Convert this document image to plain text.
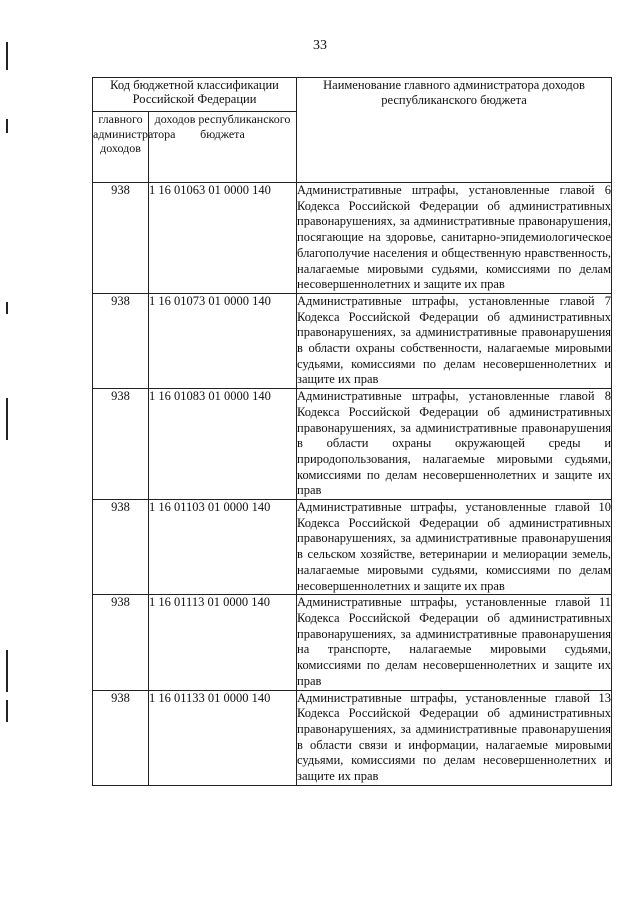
33
Код бюджетной классификации Российской Федерации		Наименование главного администратора доходов республиканского бюджета
главного администратора доходов	доходов республиканского бюджета	
938	1 16 01063 01 0000 140	Административные штрафы, установленные главой 6 Кодекса Российской Федерации об административных правонарушениях, за административные правонарушения, посягающие на здоровье, санитарно-эпидемиологическое благополучие населения и общественную нравственность, налагаемые мировыми судьями, комиссиями по делам несовершеннолетних и защите их прав
938	1 16 01073 01 0000 140	Административные штрафы, установленные главой 7 Кодекса Российской Федерации об административных правонарушениях, за административные правонарушения в области охраны собственности, налагаемые мировыми судьями, комиссиями по делам несовершеннолетних и защите их прав
938	1 16 01083 01 0000 140	Административные штрафы, установленные главой 8 Кодекса Российской Федерации об административных правонарушениях, за административные правонарушения в области охраны окружающей среды и природопользования, налагаемые мировыми судьями, комиссиями по делам несовершеннолетних и защите их прав
938	1 16 01103 01 0000 140	Административные штрафы, установленные главой 10 Кодекса Российской Федерации об административных правонарушениях, за административные правонарушения в сельском хозяйстве, ветеринарии и мелиорации земель, налагаемые мировыми судьями, комиссиями по делам несовершеннолетних и защите их прав
938	1 16 01113 01 0000 140	Административные штрафы, установленные главой 11 Кодекса Российской Федерации об административных правонарушениях, за административные правонарушения на транспорте, налагаемые мировыми судьями, комиссиями по делам несовершеннолетних и защите их прав
938	1 16 01133 01 0000 140	Административные штрафы, установленные главой 13 Кодекса Российской Федерации об административных правонарушениях, за административные правонарушения в области связи и информации, налагаемые мировыми судьями, комиссиями по делам несовершеннолетних и защите их прав
